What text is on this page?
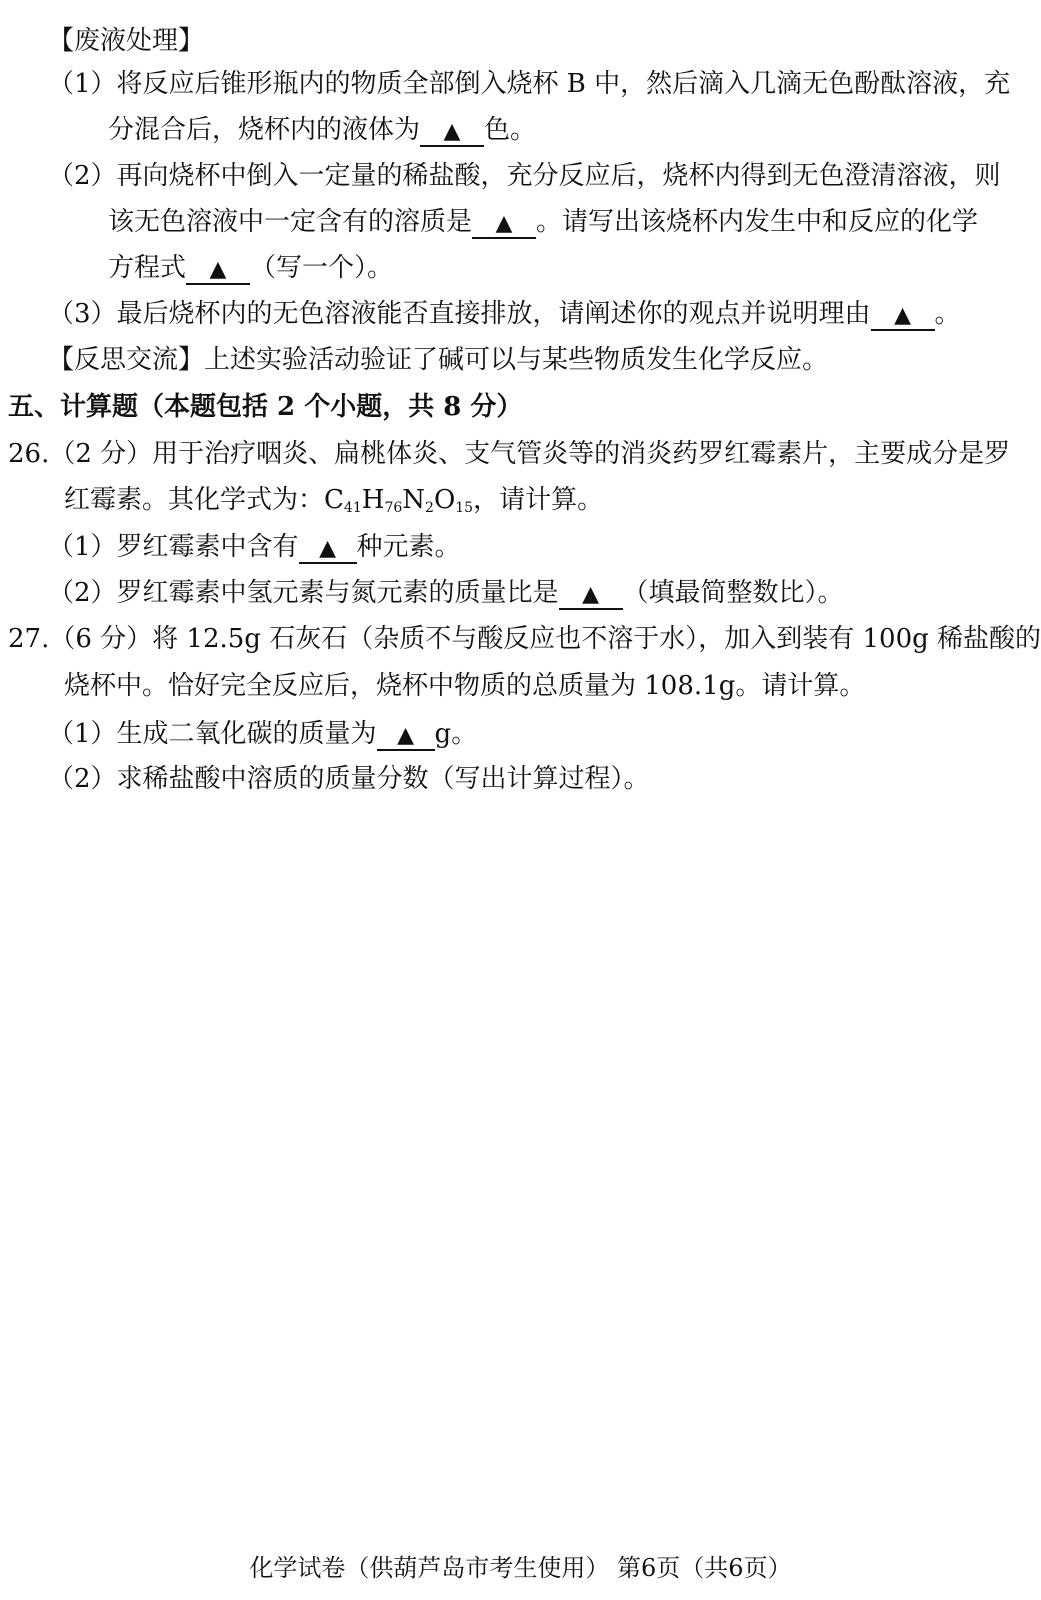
【废液处理】
（1）将反应后锥形瓶内的物质全部倒入烧杯 B 中，然后滴入几滴无色酚酞溶液，充
分混合后，烧杯内的液体为 ▲ 色。
（2）再向烧杯中倒入一定量的稀盐酸，充分反应后，烧杯内得到无色澄清溶液，则
该无色溶液中一定含有的溶质是 ▲ 。请写出该烧杯内发生中和反应的化学
方程式 ▲ （写一个）。
（3）最后烧杯内的无色溶液能否直接排放，请阐述你的观点并说明理由 ▲ 。
【反思交流】上述实验活动验证了碱可以与某些物质发生化学反应。
五、计算题（本题包括 2 个小题，共 8 分）
26.（2 分）用于治疗咽炎、扁桃体炎、支气管炎等的消炎药罗红霉素片，主要成分是罗
红霉素。其化学式为：$C_{41}H_{76}N_2O_{15}$，请计算。
（1）罗红霉素中含有 ▲ 种元素。
（2）罗红霉素中氢元素与氮元素的质量比是 ▲ （填最简整数比）。
27.（6 分）将 12.5g 石灰石（杂质不与酸反应也不溶于水），加入到装有 100g 稀盐酸的
烧杯中。恰好完全反应后，烧杯中物质的总质量为 108.1g。请计算。
（1）生成二氧化碳的质量为 ▲ g。
（2）求稀盐酸中溶质的质量分数（写出计算过程）。
化学试卷（供葫芦岛市考生使用） 第6页（共6页）
